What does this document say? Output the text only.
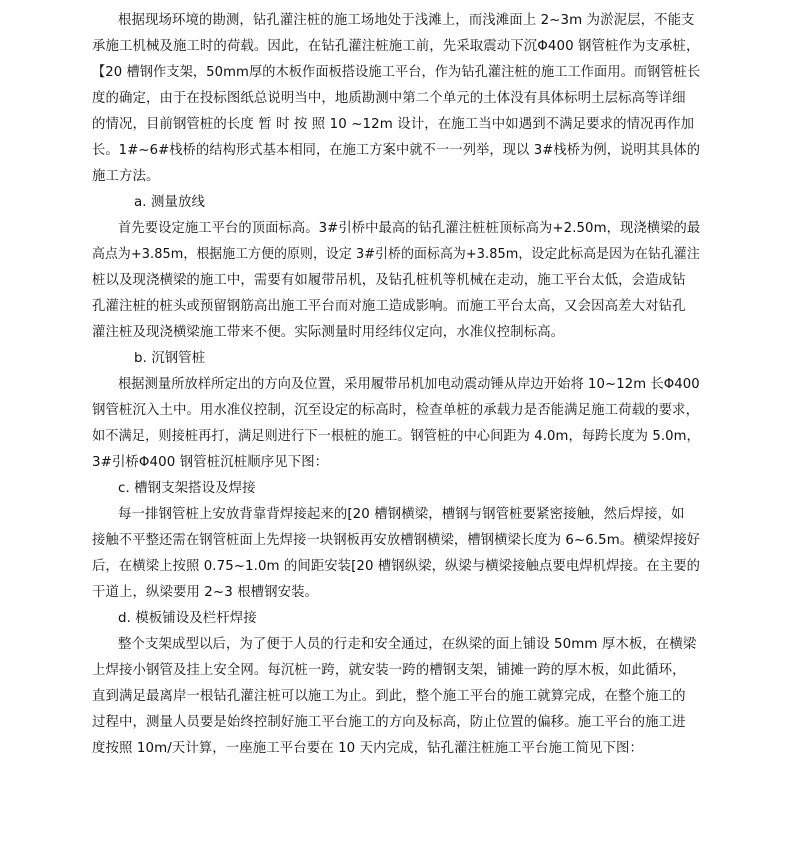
根据现场环境的勘测，钻孔灌注桩的施工场地处于浅滩上，而浅滩面上 2~3m 为淤泥层，不能支
承施工机械及施工时的荷载。因此，在钻孔灌注桩施工前，先采取震动下沉Φ400 钢管桩作为支承桩，
【20 槽钢作支架，50mm厚的木板作面板搭设施工平台，作为钻孔灌注桩的施工工作面用。而钢管桩长
度的确定，由于在投标图纸总说明当中，地质勘测中第二个单元的土体没有具体标明土层标高等详细
的情况，目前钢管桩的长度 暂 时 按 照 10 ~12m 设计，在施工当中如遇到不满足要求的情况再作加
长。1#~6#栈桥的结构形式基本相同，在施工方案中就不一一列举，现以 3#栈桥为例，说明其具体的
施工方法。
a. 测量放线
首先要设定施工平台的顶面标高。3#引桥中最高的钻孔灌注桩桩顶标高为+2.50m，现浇横梁的最
高点为+3.85m，根据施工方便的原则，设定 3#引桥的面标高为+3.85m，设定此标高是因为在钻孔灌注
桩以及现浇横梁的施工中，需要有如履带吊机，及钻孔桩机等机械在走动，施工平台太低，会造成钻
孔灌注桩的桩头或预留钢筋高出施工平台而对施工造成影响。而施工平台太高，又会因高差大对钻孔
灌注桩及现浇横梁施工带来不便。实际测量时用经纬仪定向，水准仪控制标高。
b. 沉钢管桩
根据测量所放样所定出的方向及位置，采用履带吊机加电动震动锤从岸边开始将 10~12m 长Φ400
钢管桩沉入土中。用水准仪控制，沉至设定的标高时，检查单桩的承载力是否能满足施工荷载的要求，
如不满足，则接桩再打，满足则进行下一根桩的施工。钢管桩的中心间距为 4.0m，每跨长度为 5.0m，
3#引桥Φ400 钢管桩沉桩顺序见下图：
c. 槽钢支架搭设及焊接
每一排钢管桩上安放背靠背焊接起来的[20 槽钢横梁，槽钢与钢管桩要紧密接触，然后焊接，如
接触不平整还需在钢管桩面上先焊接一块钢板再安放槽钢横梁，槽钢横梁长度为 6~6.5m。横梁焊接好
后，在横梁上按照 0.75~1.0m 的间距安装[20 槽钢纵梁，纵梁与横梁接触点要电焊机焊接。在主要的
干道上，纵梁要用 2~3 根槽钢安装。
d. 模板铺设及栏杆焊接
整个支架成型以后，为了便于人员的行走和安全通过，在纵梁的面上铺设 50mm 厚木板，在横梁
上焊接小钢管及挂上安全网。每沉桩一跨，就安装一跨的槽钢支架，铺摊一跨的厚木板，如此循环，
直到满足最离岸一根钻孔灌注桩可以施工为止。到此，整个施工平台的施工就算完成，在整个施工的
过程中，测量人员要是始终控制好施工平台施工的方向及标高，防止位置的偏移。施工平台的施工进
度按照 10m/天计算，一座施工平台要在 10 天内完成，钻孔灌注桩施工平台施工简见下图：
